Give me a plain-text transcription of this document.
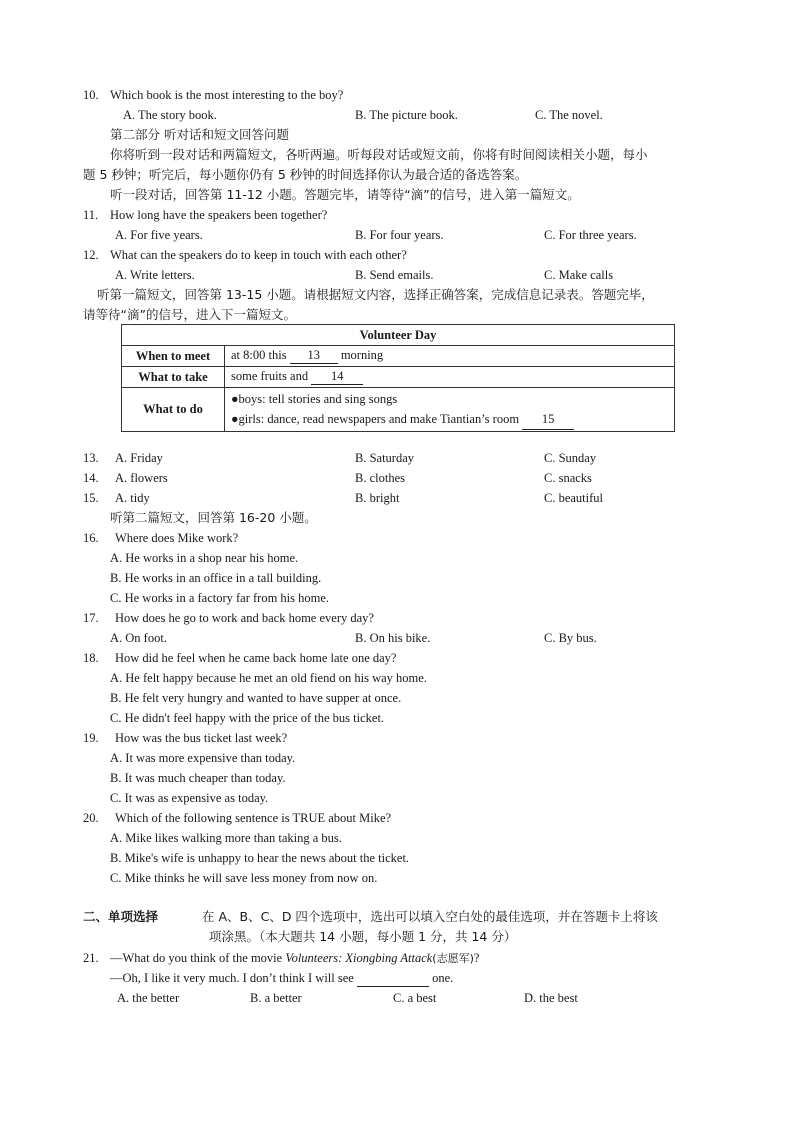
10. Which book is the most interesting to the boy?
A. The story book.	B. The picture book.	C. The novel.
第二部分 听对话和短文回答问题
你将听到一段对话和两篇短文，各听两遍。听每段对话或短文前，你将有时间阅读相关小题，每小
题 5 秒钟；听完后，每小题你仍有 5 秒钟的时间选择你认为最合适的备选答案。
听一段对话，回答第 11-12 小题。答题完毕，请等待“滴”的信号，进入第一篇短文。
11. How long have the speakers been together?
A. For five years.	B. For four years.	C. For three years.
12. What can the speakers do to keep in touch with each other?
A. Write letters.	B. Send emails.	C. Make calls
听第一篇短文，回答第 13-15 小题。请根据短文内容，选择正确答案，完成信息记录表。答题完毕，
请等待“滴”的信号，进入下一篇短文。
Volunteer Day	
When to meet	at 8:00 this 13 morning
What to take	some fruits and 14
What to do	●boys: tell stories and sing songs
●girls: dance, read newspapers and make Tiantian’s room 15
13. A. Friday	B. Saturday	C. Sunday
14. A. flowers	B. clothes	C. snacks
15. A. tidy	B. bright	C. beautiful
听第二篇短文，回答第 16-20 小题。
16. Where does Mike work?
A. He works in a shop near his home.
B. He works in an office in a tall building.
C. He works in a factory far from his home.
17. How does he go to work and back home every day?
A. On foot.	B. On his bike.	C. By bus.
18. How did he feel when he came back home late one day?
A. He felt happy because he met an old fiend on his way home.
B. He felt very hungry and wanted to have supper at once.
C. He didn't feel happy with the price of the bus ticket.
19. How was the bus ticket last week?
A. It was more expensive than today.
B. It was much cheaper than today.
C. It was as expensive as today.
20. Which of the following sentence is TRUE about Mike?
A. Mike likes walking more than taking a bus.
B. Mike's wife is unhappy to hear the news about the ticket.
C. Mike thinks he will save less money from now on.
二、单项选择	在 A、B、C、D 四个选项中，选出可以填入空白处的最佳选项，并在答题卡上将该
项涂黑。（本大题共 14 小题，每小题 1 分，共 14 分）
21. —What do you think of the movie Volunteers: Xiongbing Attack(志愿军)?
—Oh, I like it very much. I don’t think I will see	one.
A. the better	B. a better	C. a best	D. the best
